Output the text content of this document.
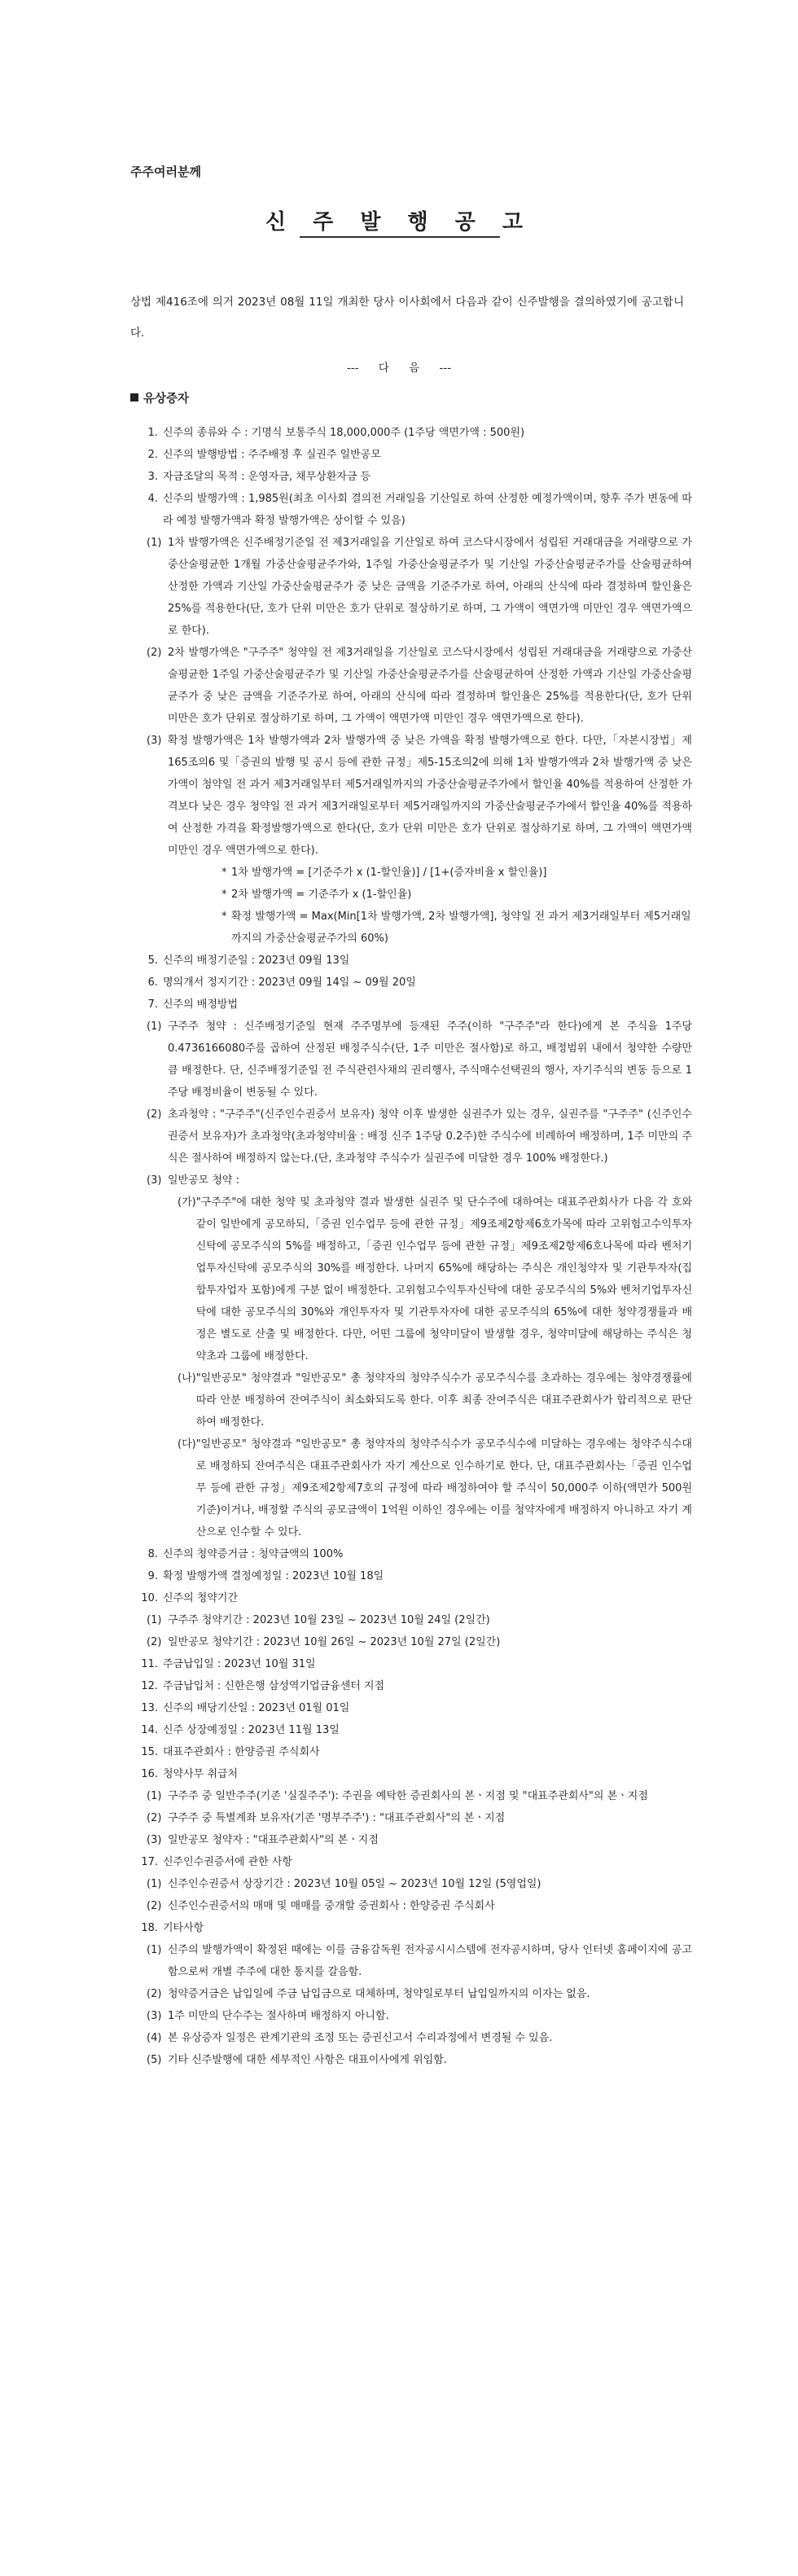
주주여러분께
신 주 발 행 공 고
상법 제416조에 의거 2023년 08월 11일 개최한 당사 이사회에서 다음과 같이 신주발행을 결의하였기에 공고합니다.
--- 다 음 ---
유상증자
1. 신주의 종류와 수 : 기명식 보통주식 18,000,000주 (1주당 액면가액 : 500원)
2. 신주의 발행방법 : 주주배정 후 실권주 일반공모
3. 자금조달의 목적 : 운영자금, 채무상환자금 등
4. 신주의 발행가액 : 1,985원(최초 이사회 결의전 거래일을 기산일로 하여 산정한 예정가액이며, 향후 주가 변동에 따라 예정 발행가액과 확정 발행가액은 상이할 수 있음)
(1) 1차 발행가액은 신주배정기준일 전 제3거래일을 기산일로 하여 코스닥시장에서 성립된 거래대금을 거래량으로 가중산술평균한 1개월 가중산술평균주가와, 1주일 가중산술평균주가 및 기산일 가중산술평균주가를 산술평균하여 산정한 가액과 기산일 가중산술평균주가 중 낮은 금액을 기준주가로 하여, 아래의 산식에 따라 결정하며 할인율은 25%를 적용한다(단, 호가 단위 미만은 호가 단위로 절상하기로 하며, 그 가액이 액면가액 미만인 경우 액면가액으로 한다).
(2) 2차 발행가액은 "구주주" 청약일 전 제3거래일을 기산일로 코스닥시장에서 성립된 거래대금을 거래량으로 가중산술평균한 1주일 가중산술평균주가 및 기산일 가중산술평균주가를 산술평균하여 산정한 가액과 기산일 가중산술평균주가 중 낮은 금액을 기준주가로 하여, 아래의 산식에 따라 결정하며 할인율은 25%를 적용한다(단, 호가 단위 미만은 호가 단위로 절상하기로 하며, 그 가액이 액면가액 미만인 경우 액면가액으로 한다).
(3) 확정 발행가액은 1차 발행가액과 2차 발행가액 중 낮은 가액을 확정 발행가액으로 한다. 다만,「자본시장법」제165조의6 및「증권의 발행 및 공시 등에 관한 규정」제5-15조의2에 의해 1차 발행가액과 2차 발행가액 중 낮은 가액이 청약일 전 과거 제3거래일부터 제5거래일까지의 가중산술평균주가에서 할인율 40%를 적용하여 산정한 가격보다 낮은 경우 청약일 전 과거 제3거래일로부터 제5거래일까지의 가중산술평균주가에서 할인율 40%를 적용하여 산정한 가격을 확정발행가액으로 한다(단, 호가 단위 미만은 호가 단위로 절상하기로 하며, 그 가액이 액면가액 미만인 경우 액면가액으로 한다).
* 1차 발행가액 = [기준주가 x (1-할인율)] / [1+(증자비율 x 할인율)]
* 2차 발행가액 = 기준주가 x (1-할인율)
* 확정 발행가액 = Max(Min[1차 발행가액, 2차 발행가액], 청약일 전 과거 제3거래일부터 제5거래일까지의 가중산술평균주가의 60%)
5. 신주의 배정기준일 : 2023년 09월 13일
6. 명의개서 정지기간 : 2023년 09월 14일 ~ 09월 20일
7. 신주의 배정방법
(1) 구주주 청약 : 신주배정기준일 현재 주주명부에 등재된 주주(이하 "구주주"라 한다)에게 본 주식을 1주당 0.4736166080주를 곱하여 산정된 배정주식수(단, 1주 미만은 절사함)로 하고, 배정범위 내에서 청약한 수량만큼 배정한다. 단, 신주배정기준일 전 주식관련사채의 권리행사, 주식매수선택권의 행사, 자기주식의 변동 등으로 1주당 배정비율이 변동될 수 있다.
(2) 초과청약 : "구주주"(신주인수권증서 보유자) 청약 이후 발생한 실권주가 있는 경우, 실권주를 "구주주" (신주인수권증서 보유자)가 초과청약(초과청약비율 : 배정 신주 1주당 0.2주)한 주식수에 비례하여 배정하며, 1주 미만의 주식은 절사하여 배정하지 않는다.(단, 초과청약 주식수가 실권주에 미달한 경우 100% 배정한다.)
(3) 일반공모 청약 :
(가) "구주주"에 대한 청약 및 초과청약 결과 발생한 실권주 및 단수주에 대하여는 대표주관회사가 다음 각 호와 같이 일반에게 공모하되,「증권 인수업무 등에 관한 규정」제9조제2항제6호가목에 따라 고위험고수익투자신탁에 공모주식의 5%를 배정하고,「증권 인수업무 등에 관한 규정」제9조제2항제6호나목에 따라 벤처기업투자신탁에 공모주식의 30%를 배정한다. 나머지 65%에 해당하는 주식은 개인청약자 및 기관투자자(집합투자업자 포함)에게 구분 없이 배정한다. 고위험고수익투자신탁에 대한 공모주식의 5%와 벤처기업투자신탁에 대한 공모주식의 30%와 개인투자자 및 기관투자자에 대한 공모주식의 65%에 대한 청약경쟁률과 배정은 별도로 산출 및 배정한다. 다만, 어떤 그룹에 청약미달이 발생할 경우, 청약미달에 해당하는 주식은 청약초과 그룹에 배정한다.
(나) "일반공모" 청약결과 "일반공모" 총 청약자의 청약주식수가 공모주식수를 초과하는 경우에는 청약경쟁률에 따라 안분 배정하여 잔여주식이 최소화되도록 한다. 이후 최종 잔여주식은 대표주관회사가 합리적으로 판단하여 배정한다.
(다) "일반공모" 청약결과 "일반공모" 총 청약자의 청약주식수가 공모주식수에 미달하는 경우에는 청약주식수대로 배정하되 잔여주식은 대표주관회사가 자기 계산으로 인수하기로 한다. 단, 대표주관회사는「증권 인수업무 등에 관한 규정」제9조제2항제7호의 규정에 따라 배정하여야 할 주식이 50,000주 이하(액면가 500원 기준)이거나, 배정할 주식의 공모금액이 1억원 이하인 경우에는 이를 청약자에게 배정하지 아니하고 자기 계산으로 인수할 수 있다.
8. 신주의 청약증거금 : 청약금액의 100%
9. 확정 발행가액 결정예정일 : 2023년 10월 18일
10. 신주의 청약기간
(1) 구주주 청약기간 : 2023년 10월 23일 ~ 2023년 10월 24일 (2일간)
(2) 일반공모 청약기간 : 2023년 10월 26일 ~ 2023년 10월 27일 (2일간)
11. 주금납입일 : 2023년 10월 31일
12. 주금납입처 : 신한은행 삼성역기업금융센터 지점
13. 신주의 배당기산일 : 2023년 01월 01일
14. 신주 상장예정일 : 2023년 11월 13일
15. 대표주관회사 : 한양증권 주식회사
16. 청약사무 취급처
(1) 구주주 중 일반주주(기존 '실질주주'): 주권을 예탁한 증권회사의 본ㆍ지점 및 "대표주관회사"의 본ㆍ지점
(2) 구주주 중 특별계좌 보유자(기존 '명부주주') : "대표주관회사"의 본ㆍ지점
(3) 일반공모 청약자 : "대표주관회사"의 본ㆍ지점
17. 신주인수권증서에 관한 사항
(1) 신주인수권증서 상장기간 : 2023년 10월 05일 ~ 2023년 10월 12일 (5영업일)
(2) 신주인수권증서의 매매 및 매매를 중개할 증권회사 : 한양증권 주식회사
18. 기타사항
(1) 신주의 발행가액이 확정된 때에는 이를 금융감독원 전자공시시스템에 전자공시하며, 당사 인터넷 홈페이지에 공고함으로써 개별 주주에 대한 통지를 갈음함.
(2) 청약증거금은 납입일에 주금 납입금으로 대체하며, 청약일로부터 납입일까지의 이자는 없음.
(3) 1주 미만의 단수주는 절사하며 배정하지 아니함.
(4) 본 유상증자 일정은 관계기관의 조정 또는 증권신고서 수리과정에서 변경될 수 있음.
(5) 기타 신주발행에 대한 세부적인 사항은 대표이사에게 위임함.
